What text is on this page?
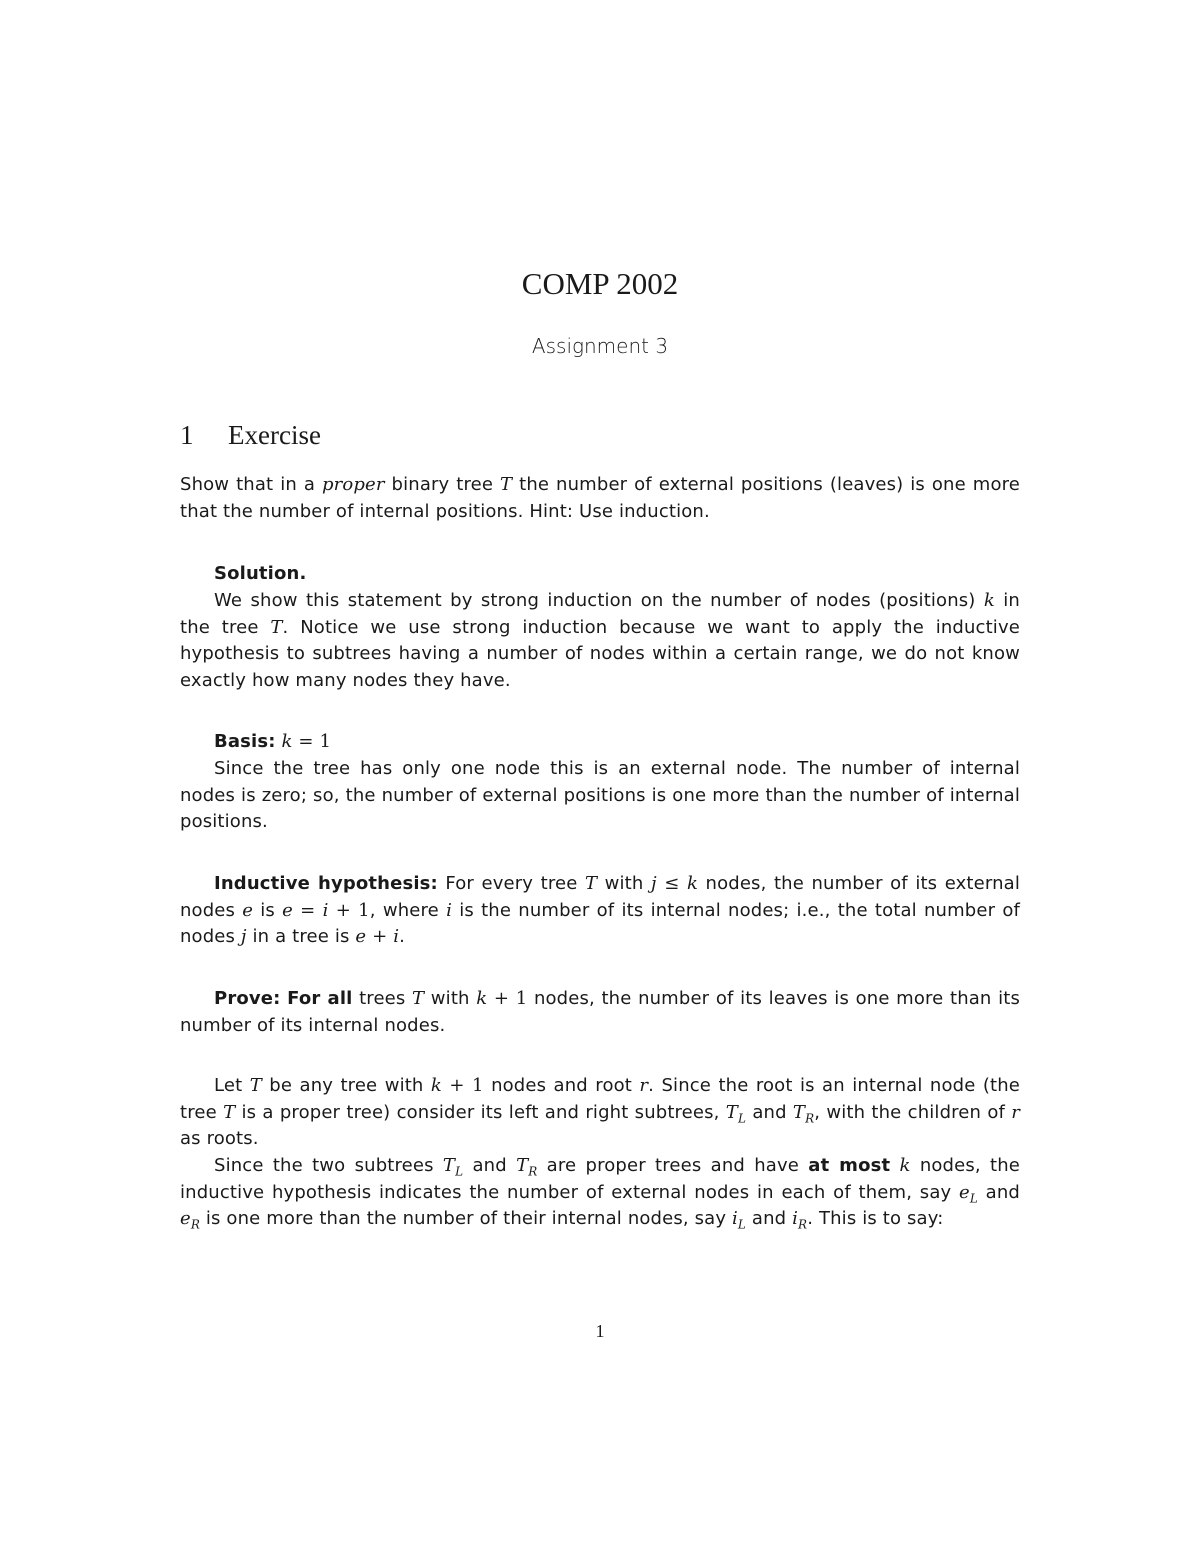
COMP 2002
Assignment 3
1 Exercise

Show that in a proper binary tree T the number of external positions (leaves) is one more that the number of internal positions. Hint: Use induction.

Solution.

We show this statement by strong induction on the number of nodes (positions) k in the tree T. Notice we use strong induction because we want to apply the inductive hypothesis to subtrees having a number of nodes within a certain range, we do not know exactly how many nodes they have.

Basis: k = 1

Since the tree has only one node this is an external node. The number of internal nodes is zero; so, the number of external positions is one more than the number of internal positions.

Inductive hypothesis: For every tree T with j ≤ k nodes, the number of its external nodes e is e = i + 1, where i is the number of its internal nodes; i.e., the total number of nodes j in a tree is e + i.

Prove: For all trees T with k + 1 nodes, the number of its leaves is one more than its number of its internal nodes.

Let T be any tree with k + 1 nodes and root r. Since the root is an internal node (the tree T is a proper tree) consider its left and right subtrees, $T_L$ and $T_R$, with the children of r as roots.

Since the two subtrees $T_L$ and $T_R$ are proper trees and have at most k nodes, the inductive hypothesis indicates the number of external nodes in each of them, say $e_L$ and $e_R$ is one more than the number of their internal nodes, say $i_L$ and $i_R$. This is to say:

1
